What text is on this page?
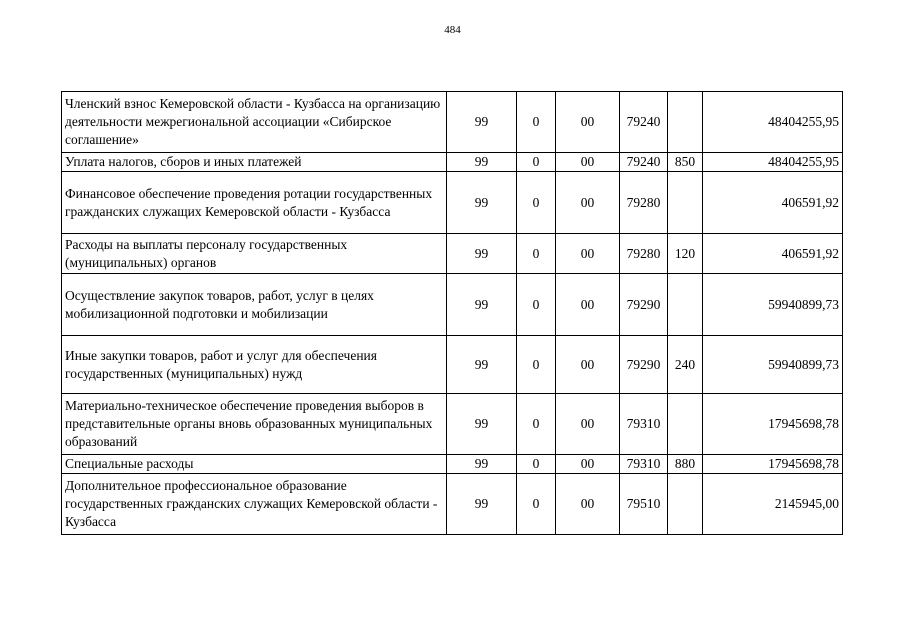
484
Членский взнос Кемеровской области - Кузбасса на организацию деятельности межрегиональной ассоциации «Сибирское соглашение»	99	0	00	79240		48404255,95
Уплата налогов, сборов и иных платежей	99	0	00	79240	850	48404255,95
Финансовое обеспечение проведения ротации государственных гражданских служащих Кемеровской области - Кузбасса	99	0	00	79280		406591,92
Расходы на выплаты персоналу государственных (муниципальных) органов	99	0	00	79280	120	406591,92
Осуществление закупок товаров, работ, услуг в целях мобилизационной подготовки и мобилизации	99	0	00	79290		59940899,73
Иные закупки товаров, работ и услуг для обеспечения государственных (муниципальных) нужд	99	0	00	79290	240	59940899,73
Материально-техническое обеспечение проведения выборов в представительные органы вновь образованных муниципальных образований	99	0	00	79310		17945698,78
Специальные расходы	99	0	00	79310	880	17945698,78
Дополнительное профессиональное образование государственных гражданских служащих Кемеровской области - Кузбасса	99	0	00	79510		2145945,00
